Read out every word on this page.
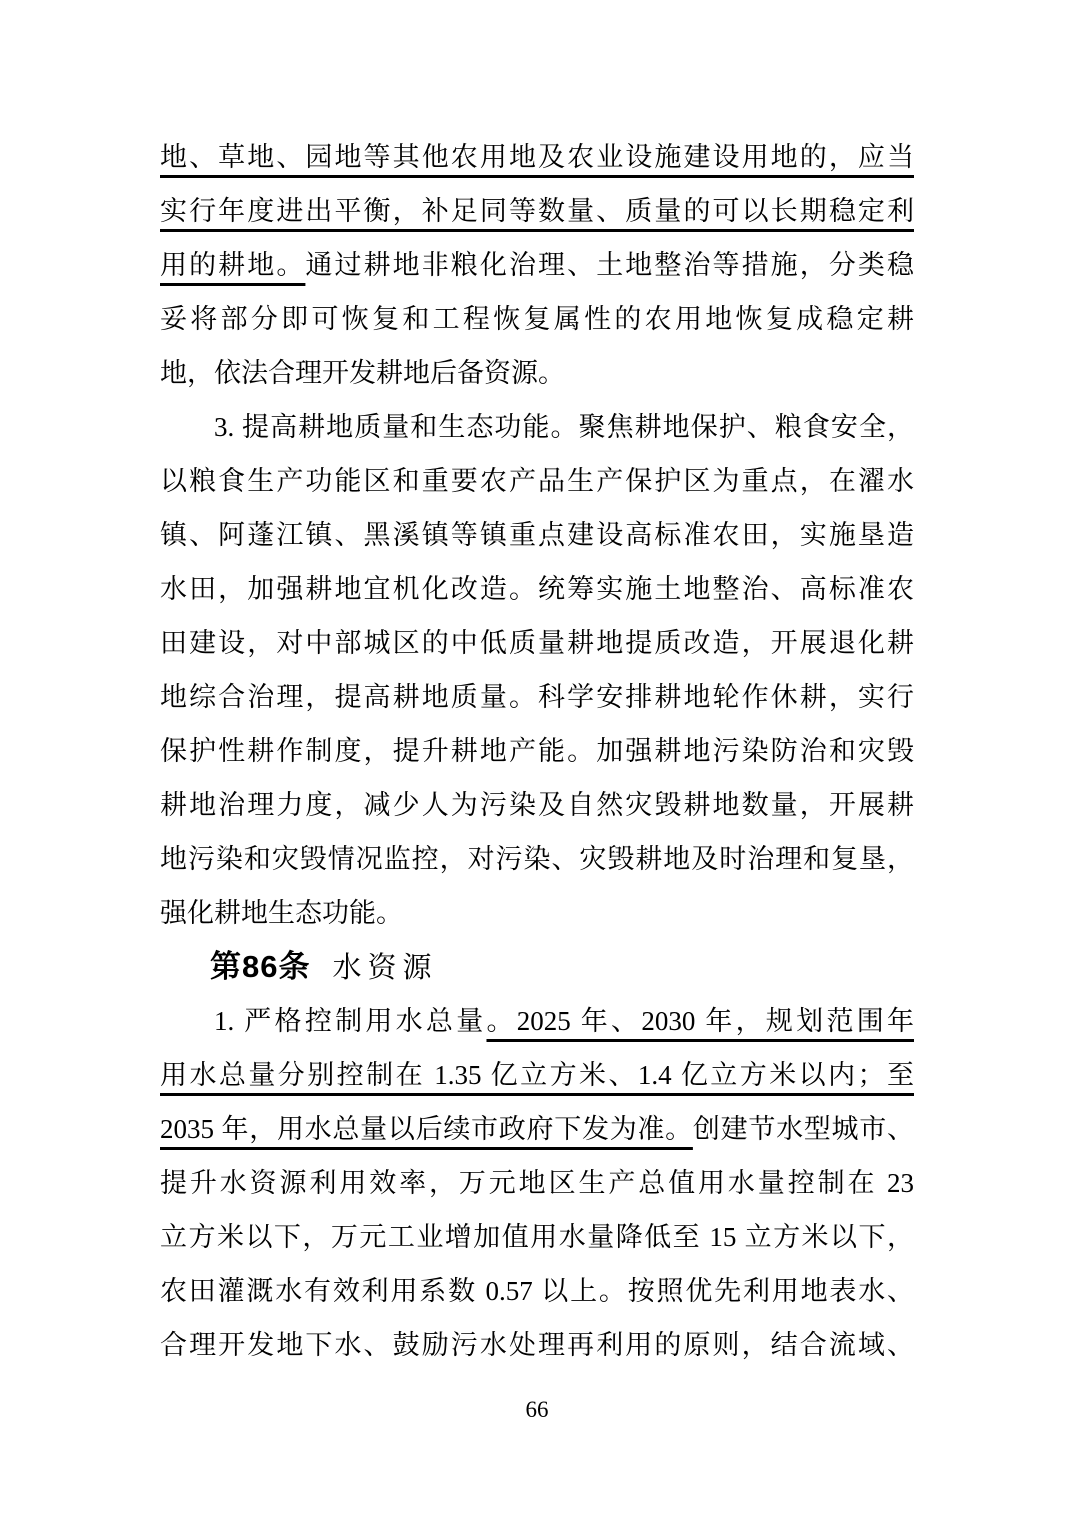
地、草地、园地等其他农用地及农业设施建设用地的，应当
实行年度进出平衡，补足同等数量、质量的可以长期稳定利
用的耕地。通过耕地非粮化治理、土地整治等措施，分类稳
妥将部分即可恢复和工程恢复属性的农用地恢复成稳定耕
地，依法合理开发耕地后备资源。
3. 提高耕地质量和生态功能。聚焦耕地保护、粮食安全，
以粮食生产功能区和重要农产品生产保护区为重点，在濯水
镇、阿蓬江镇、黑溪镇等镇重点建设高标准农田，实施垦造
水田，加强耕地宜机化改造。统筹实施土地整治、高标准农
田建设，对中部城区的中低质量耕地提质改造，开展退化耕
地综合治理，提高耕地质量。科学安排耕地轮作休耕，实行
保护性耕作制度，提升耕地产能。加强耕地污染防治和灾毁
耕地治理力度，减少人为污染及自然灾毁耕地数量，开展耕
地污染和灾毁情况监控，对污染、灾毁耕地及时治理和复垦，
强化耕地生态功能。
第86条 水资源
1. 严格控制用水总量。2025 年、2030 年，规划范围年
用水总量分别控制在 1.35 亿立方米、1.4 亿立方米以内；至
2035 年，用水总量以后续市政府下发为准。创建节水型城市、
提升水资源利用效率，万元地区生产总值用水量控制在 23
立方米以下，万元工业增加值用水量降低至 15 立方米以下，
农田灌溉水有效利用系数 0.57 以上。按照优先利用地表水、
合理开发地下水、鼓励污水处理再利用的原则，结合流域、
66
